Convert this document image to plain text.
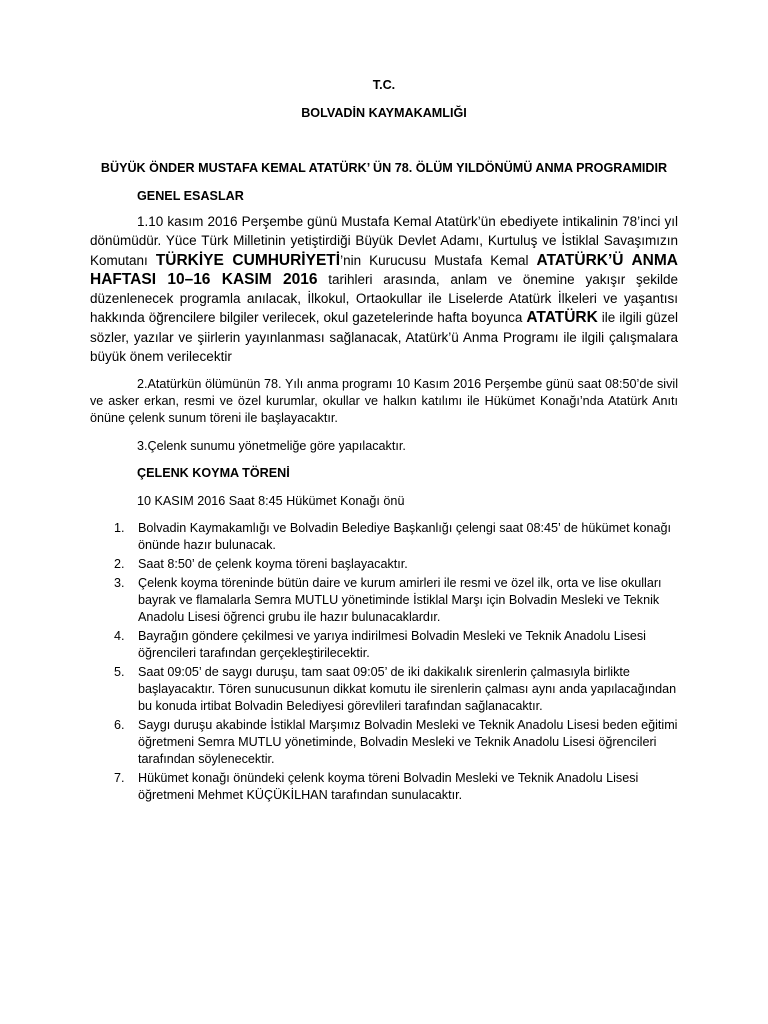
T.C.
BOLVADİN KAYMAKAMLIĞI
BÜYÜK ÖNDER MUSTAFA KEMAL ATATÜRK’ ÜN 78. ÖLÜM YILDÖNÜMÜ ANMA PROGRAMIDIR
GENEL ESASLAR
1.10 kasım 2016 Perşembe günü Mustafa Kemal Atatürk’ün ebediyete intikalinin 78’inci yıl dönümüdür. Yüce Türk Milletinin yetiştirdiği Büyük Devlet Adamı, Kurtuluş ve İstiklal Savaşımızın Komutanı TÜRKİYE CUMHURİYETİ’nin Kurucusu Mustafa Kemal ATATÜRK’Ü ANMA HAFTASI 10–16 KASIM 2016 tarihleri arasında, anlam ve önemine yakışır şekilde düzenlenecek programla anılacak, İlkokul, Ortaokullar ile Liselerde Atatürk İlkeleri ve yaşantısı hakkında öğrencilere bilgiler verilecek, okul gazetelerinde hafta boyunca ATATÜRK ile ilgili güzel sözler, yazılar ve şiirlerin yayınlanması sağlanacak, Atatürk’ü Anma Programı ile ilgili çalışmalara büyük önem verilecektir
2.Atatürkün ölümünün 78. Yılı anma programı 10 Kasım 2016 Perşembe günü saat 08:50’de sivil ve asker erkan, resmi ve özel kurumlar, okullar ve halkın katılımı ile Hükümet Konağı’nda Atatürk Anıtı önüne çelenk sunum töreni ile başlayacaktır.
3.Çelenk sunumu yönetmeliğe göre yapılacaktır.
ÇELENK KOYMA TÖRENİ
10 KASIM 2016 Saat 8:45 Hükümet Konağı önü
1. Bolvadin Kaymakamlığı ve Bolvadin Belediye Başkanlığı çelengi saat 08:45’ de hükümet konağı önünde hazır bulunacak.
2. Saat 8:50’ de çelenk koyma töreni başlayacaktır.
3. Çelenk koyma töreninde bütün daire ve kurum amirleri ile resmi ve özel ilk, orta ve lise okulları bayrak ve flamalarla Semra MUTLU yönetiminde İstiklal Marşı için Bolvadin Mesleki ve Teknik Anadolu Lisesi öğrenci grubu ile hazır bulunacaklardır.
4. Bayrağın göndere çekilmesi ve yarıya indirilmesi Bolvadin Mesleki ve Teknik Anadolu Lisesi öğrencileri tarafından gerçekleştirilecektir.
5. Saat 09:05’ de saygı duruşu, tam saat 09:05’ de iki dakikalık sirenlerin çalmasıyla birlikte başlayacaktır. Tören sunucusunun dikkat komutu ile sirenlerin çalması aynı anda yapılacağından bu konuda irtibat Bolvadin Belediyesi görevlileri tarafından sağlanacaktır.
6. Saygı duruşu akabinde İstiklal Marşımız Bolvadin Mesleki ve Teknik Anadolu Lisesi beden eğitimi öğretmeni Semra MUTLU yönetiminde, Bolvadin Mesleki ve Teknik Anadolu Lisesi öğrencileri tarafından söylenecektir.
7. Hükümet konağı önündeki çelenk koyma töreni Bolvadin Mesleki ve Teknik Anadolu Lisesi öğretmeni Mehmet KÜÇÜKİLHAN tarafından sunulacaktır.
